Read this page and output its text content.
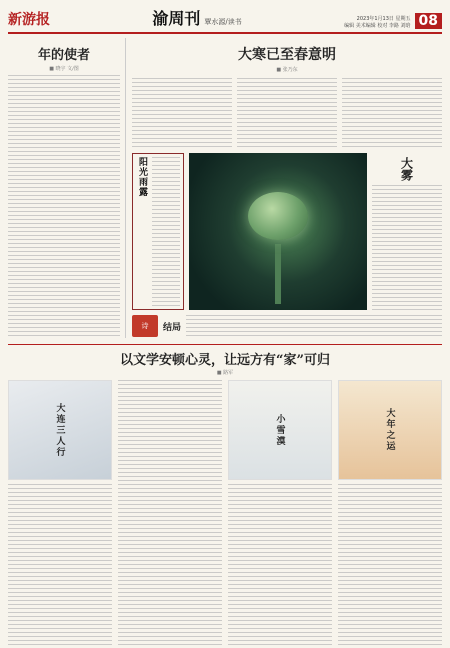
新游报	渝周刊 覃水源/读书	2023年1月13日 星期五
编辑 美术编辑 校对 李路 刘晗 08
年的使者
■ 晓宇 文/图
大寒已至春意明
■ 张乃东
阳光雨露	大雾
诗	结局
以文学安顿心灵，让远方有“家”可归
■ 路军
大连三人行	小雪漠	大年之运
